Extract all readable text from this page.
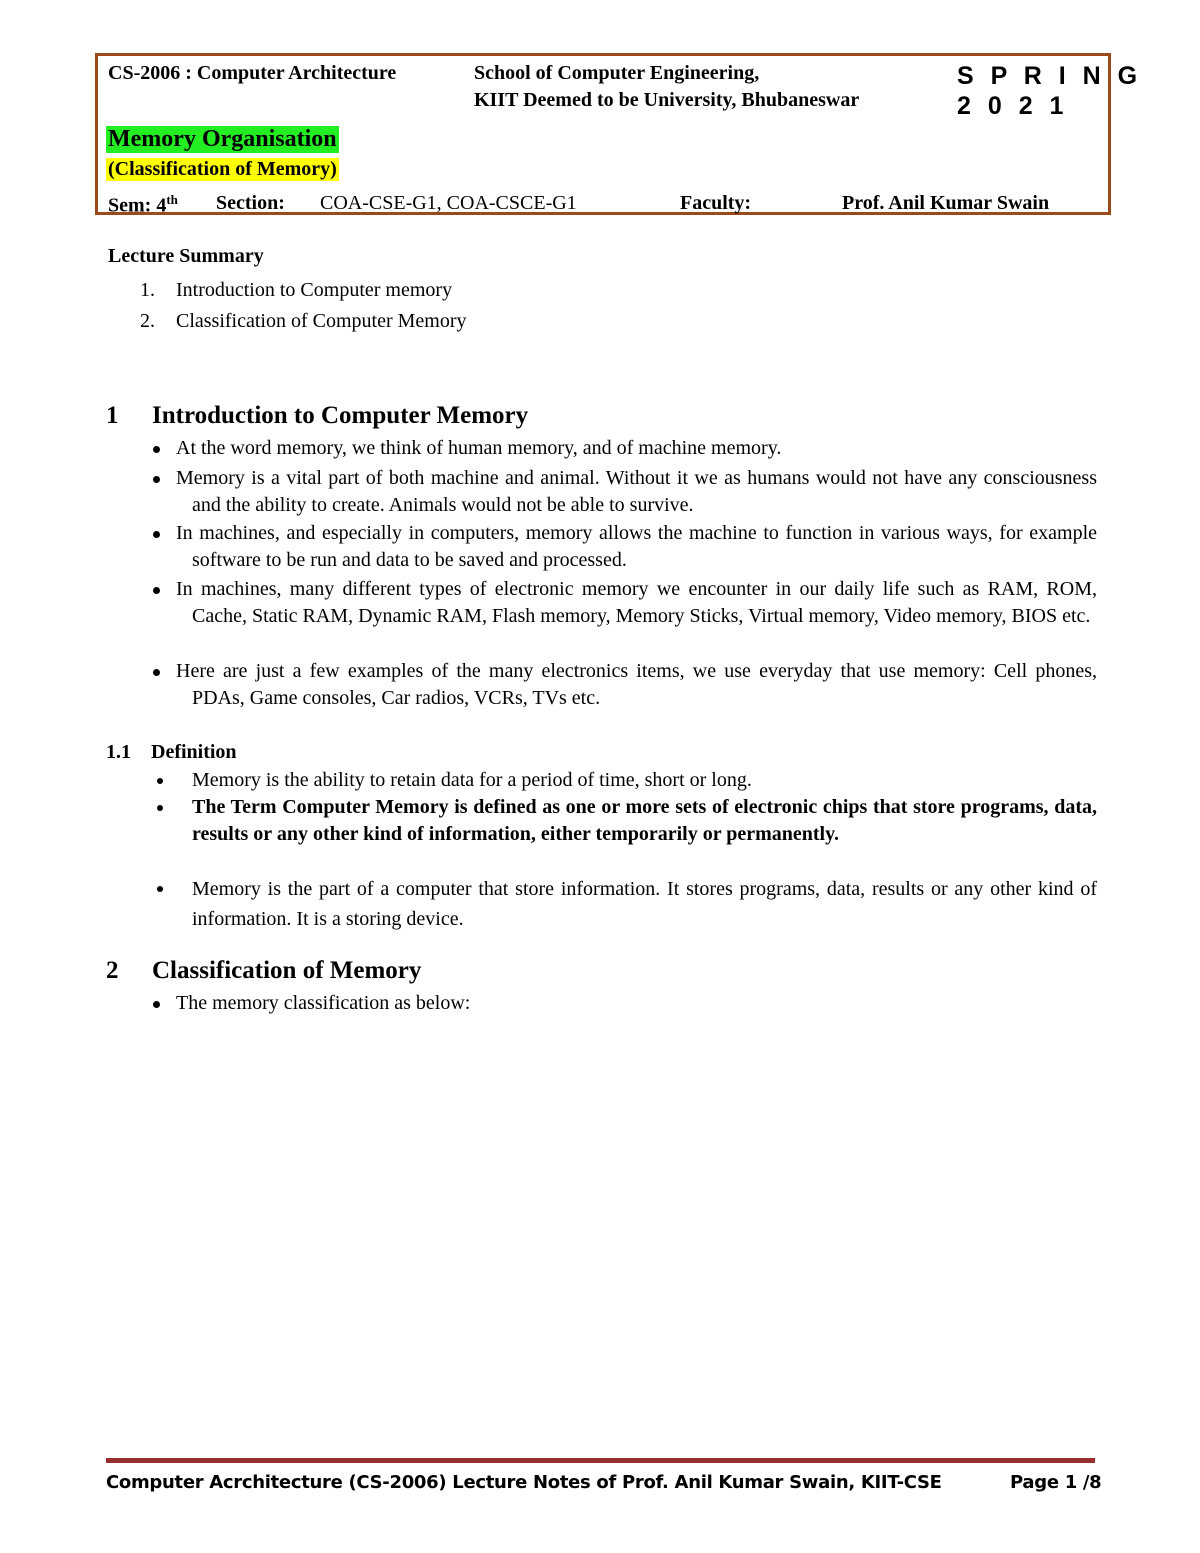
CS-2006 : Computer Architecture	School of Computer Engineering,
KIIT Deemed to be University, Bhubaneswar
S P R I N G
2 0 2 1
Memory Organisation
(Classification of Memory)
Sem: 4th Section: COA-CSE-G1, COA-CSCE-G1	Faculty:	Prof. Anil Kumar Swain
Lecture Summary
1. Introduction to Computer memory
2. Classification of Computer Memory
1 Introduction to Computer Memory
At the word memory, we think of human memory, and of machine memory.
Memory is a vital part of both machine and animal. Without it we as humans would not have any consciousness and the ability to create. Animals would not be able to survive.
In machines, and especially in computers, memory allows the machine to function in various ways, for example software to be run and data to be saved and processed.
In machines, many different types of electronic memory we encounter in our daily life such as RAM, ROM, Cache, Static RAM, Dynamic RAM, Flash memory, Memory Sticks, Virtual memory, Video memory, BIOS etc.
Here are just a few examples of the many electronics items, we use everyday that use memory: Cell phones, PDAs, Game consoles, Car radios, VCRs, TVs etc.
1.1 Definition
Memory is the ability to retain data for a period of time, short or long.
The Term Computer Memory is defined as one or more sets of electronic chips that store programs, data, results or any other kind of information, either temporarily or permanently.
Memory is the part of a computer that store information. It stores programs, data, results or any other kind of information. It is a storing device.
2 Classification of Memory
The memory classification as below:
Computer Acrchitecture (CS-2006) Lecture Notes of Prof. Anil Kumar Swain, KIIT-CSE	Page 1 /8
